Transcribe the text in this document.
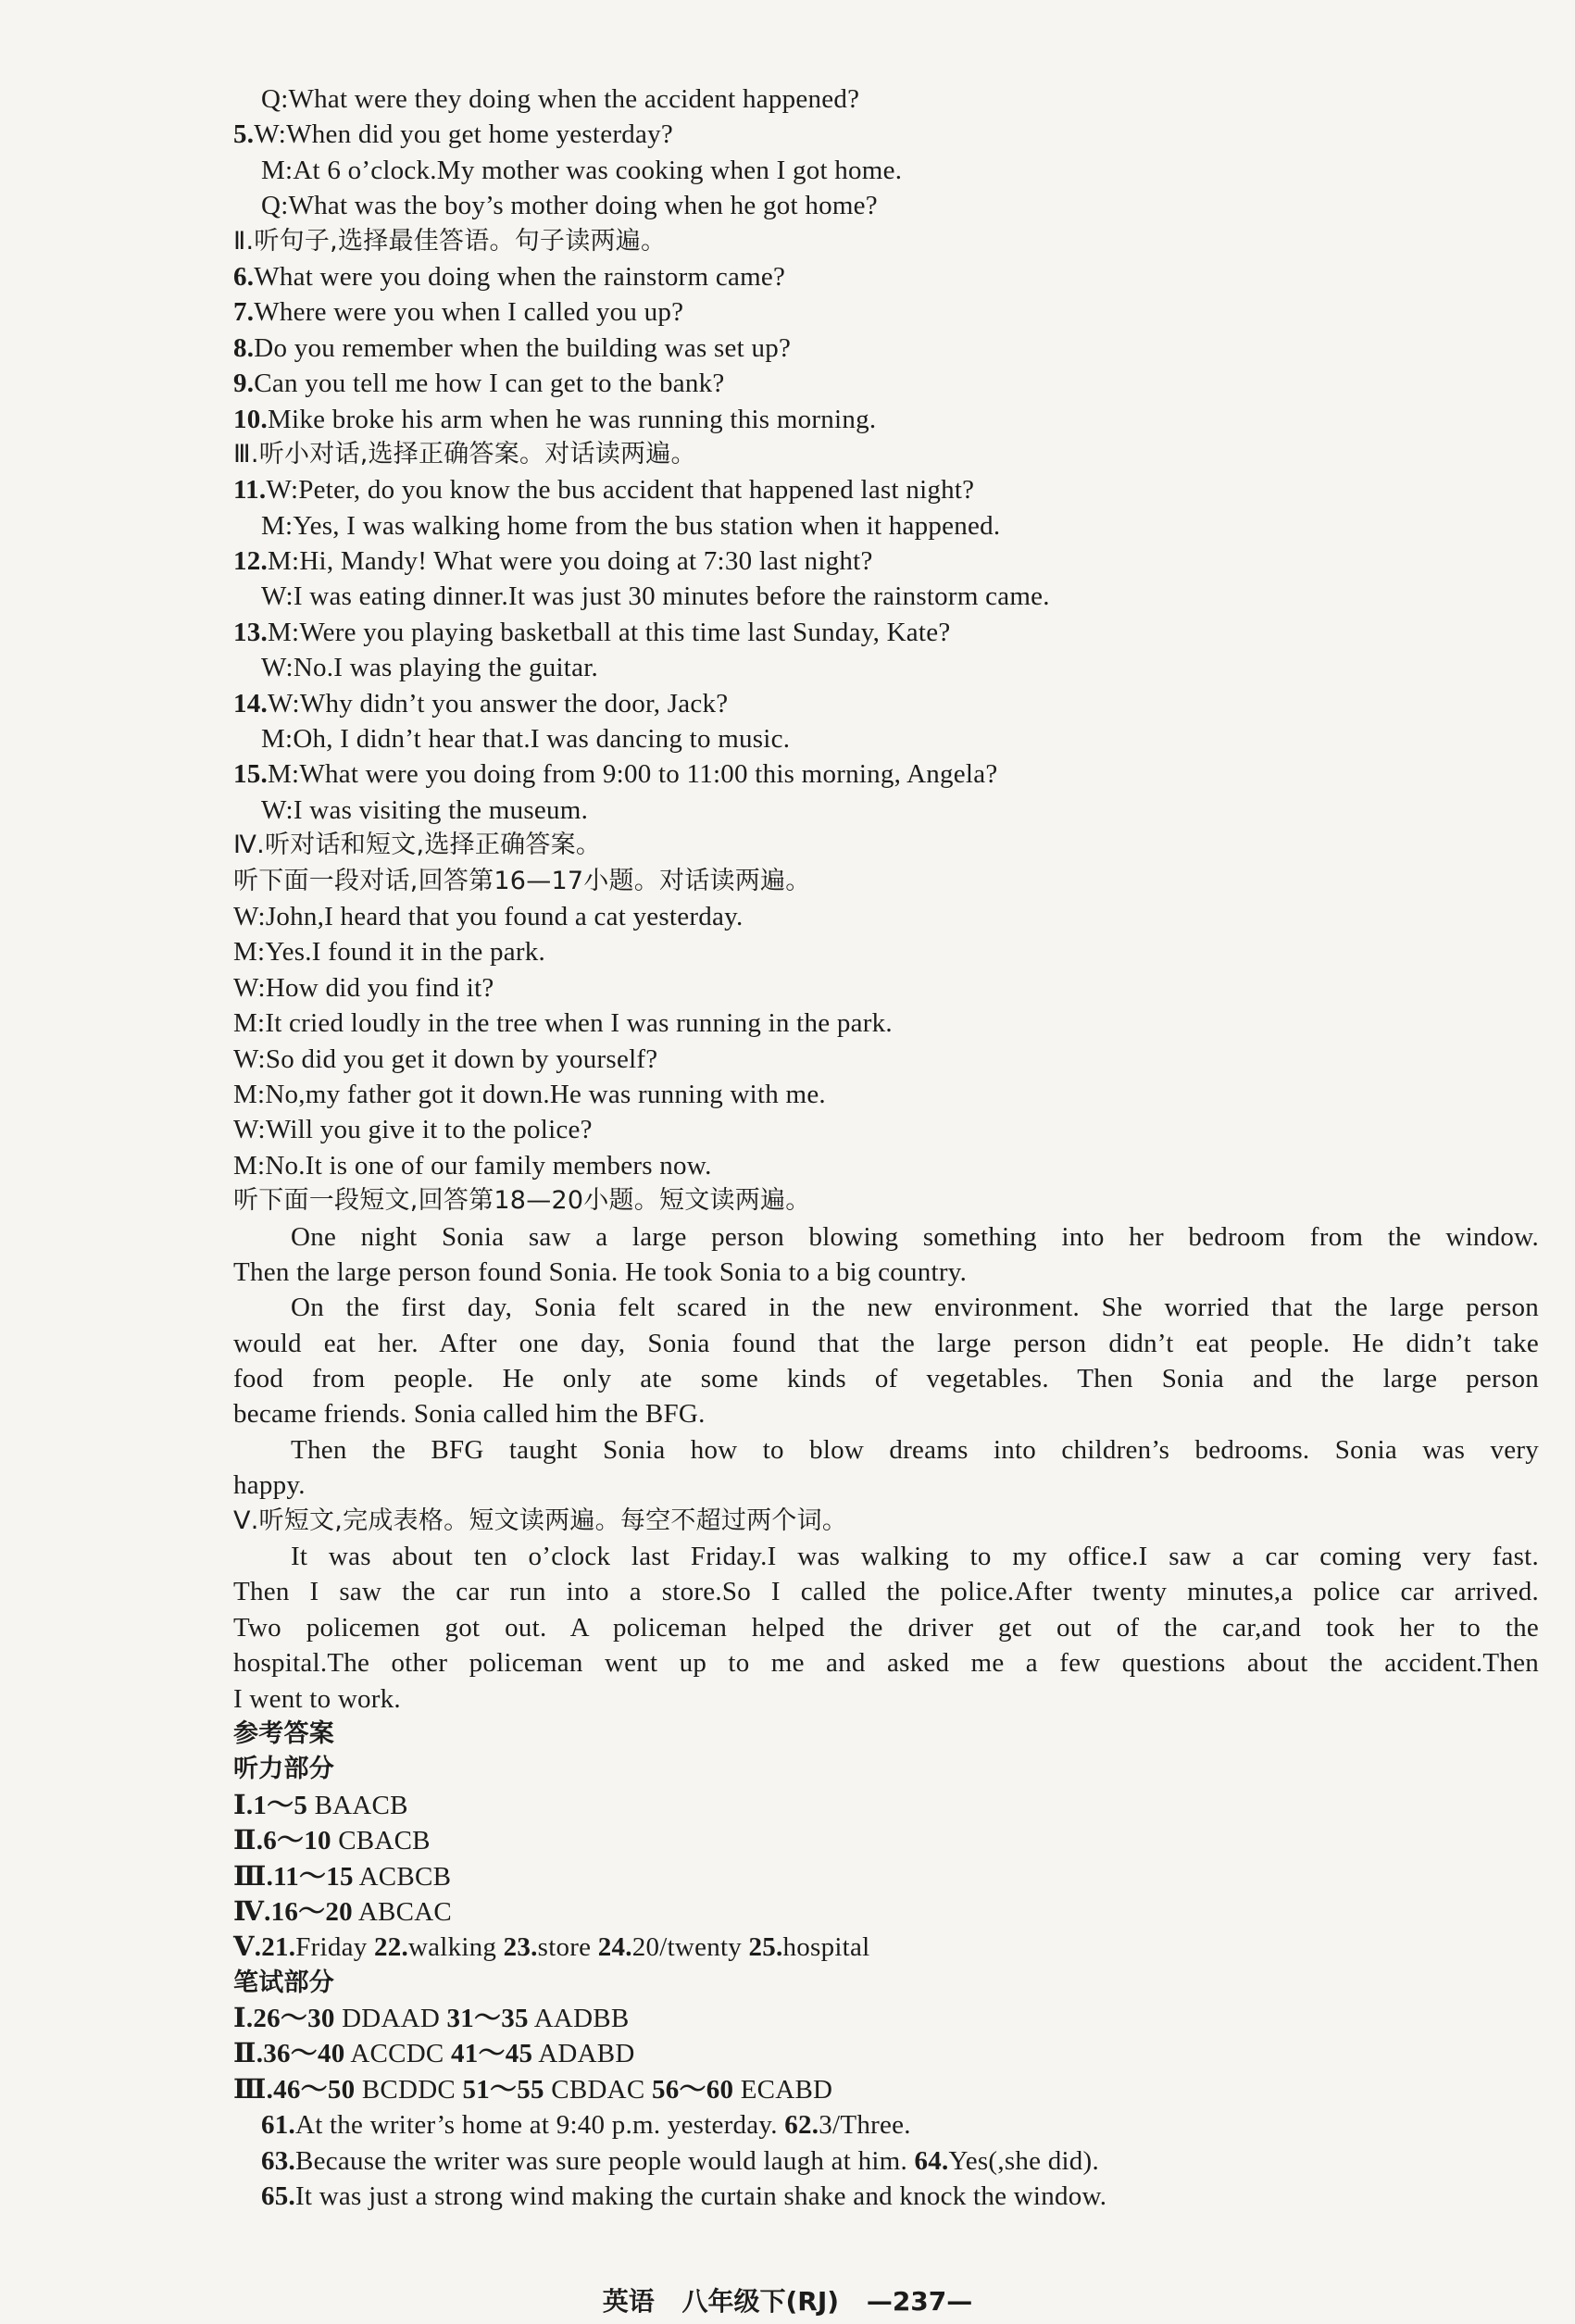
Q:What were they doing when the accident happened?
5.W:When did you get home yesterday?
M:At 6 o’clock.My mother was cooking when I got home.
Q:What was the boy’s mother doing when he got home?
Ⅱ.听句子,选择最佳答语。句子读两遍。
6.What were you doing when the rainstorm came?
7.Where were you when I called you up?
8.Do you remember when the building was set up?
9.Can you tell me how I can get to the bank?
10.Mike broke his arm when he was running this morning.
Ⅲ.听小对话,选择正确答案。对话读两遍。
11.W:Peter, do you know the bus accident that happened last night?
M:Yes, I was walking home from the bus station when it happened.
12.M:Hi, Mandy! What were you doing at 7:30 last night?
W:I was eating dinner.It was just 30 minutes before the rainstorm came.
13.M:Were you playing basketball at this time last Sunday, Kate?
W:No.I was playing the guitar.
14.W:Why didn’t you answer the door, Jack?
M:Oh, I didn’t hear that.I was dancing to music.
15.M:What were you doing from 9:00 to 11:00 this morning, Angela?
W:I was visiting the museum.
Ⅳ.听对话和短文,选择正确答案。
听下面一段对话,回答第16—17小题。对话读两遍。
W:John,I heard that you found a cat yesterday.
M:Yes.I found it in the park.
W:How did you find it?
M:It cried loudly in the tree when I was running in the park.
W:So did you get it down by yourself?
M:No,my father got it down.He was running with me.
W:Will you give it to the police?
M:No.It is one of our family members now.
听下面一段短文,回答第18—20小题。短文读两遍。
One night Sonia saw a large person blowing something into her bedroom from the window.
Then the large person found Sonia. He took Sonia to a big country.
On the first day, Sonia felt scared in the new environment. She worried that the large person
would eat her. After one day, Sonia found that the large person didn’t eat people. He didn’t take
food from people. He only ate some kinds of vegetables. Then Sonia and the large person
became friends. Sonia called him the BFG.
Then the BFG taught Sonia how to blow dreams into children’s bedrooms. Sonia was very
happy.
Ⅴ.听短文,完成表格。短文读两遍。每空不超过两个词。
It was about ten o’clock last Friday.I was walking to my office.I saw a car coming very fast.
Then I saw the car run into a store.So I called the police.After twenty minutes,a police car arrived.
Two policemen got out. A policeman helped the driver get out of the car,and took her to the
hospital.The other policeman went up to me and asked me a few questions about the accident.Then
I went to work.
参考答案
听力部分
Ⅰ.1～5 BAACB
Ⅱ.6～10 CBACB
Ⅲ.11～15 ACBCB
Ⅳ.16～20 ABCAC
Ⅴ.21.Friday 22.walking 23.store 24.20/twenty 25.hospital
笔试部分
Ⅰ.26～30 DDAAD 31～35 AADBB
Ⅱ.36～40 ACCDC 41～45 ADABD
Ⅲ.46～50 BCDDC 51～55 CBDAC 56～60 ECABD
61.At the writer’s home at 9:40 p.m. yesterday. 62.3/Three.
63.Because the writer was sure people would laugh at him. 64.Yes(,she did).
65.It was just a strong wind making the curtain shake and knock the window.
英语 八年级下(RJ) —237—
